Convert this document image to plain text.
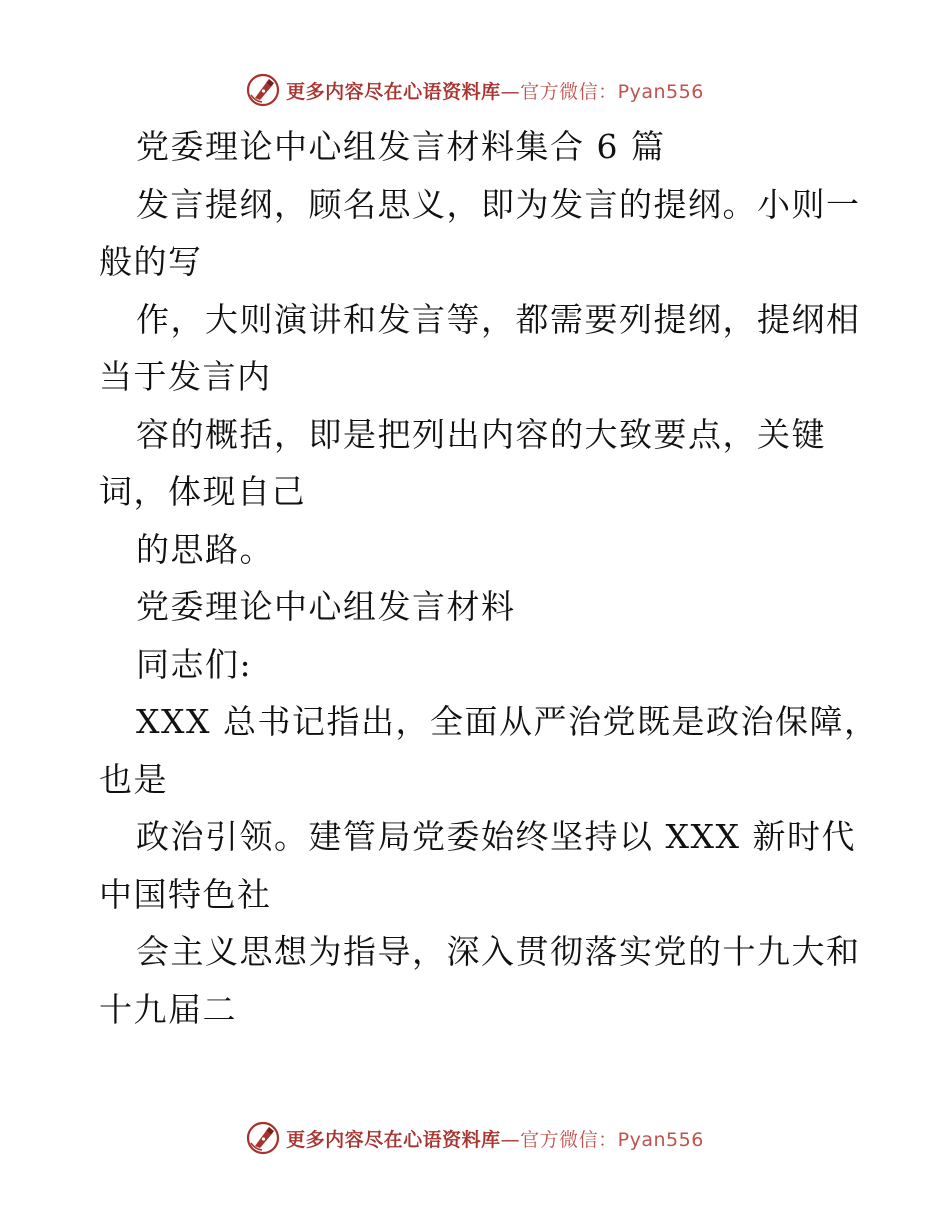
更多内容尽在心语资料库—官方微信：Pyan556
党委理论中心组发言材料集合 6 篇
发言提纲，顾名思义，即为发言的提纲。小则一
般的写
作，大则演讲和发言等，都需要列提纲，提纲相
当于发言内
容的概括，即是把列出内容的大致要点，关键
词，体现自己
的思路。
党委理论中心组发言材料
同志们:
XXX 总书记指出，全面从严治党既是政治保障，
也是
政治引领。建管局党委始终坚持以 XXX 新时代
中国特色社
会主义思想为指导，深入贯彻落实党的十九大和
十九届二
更多内容尽在心语资料库—官方微信：Pyan556
